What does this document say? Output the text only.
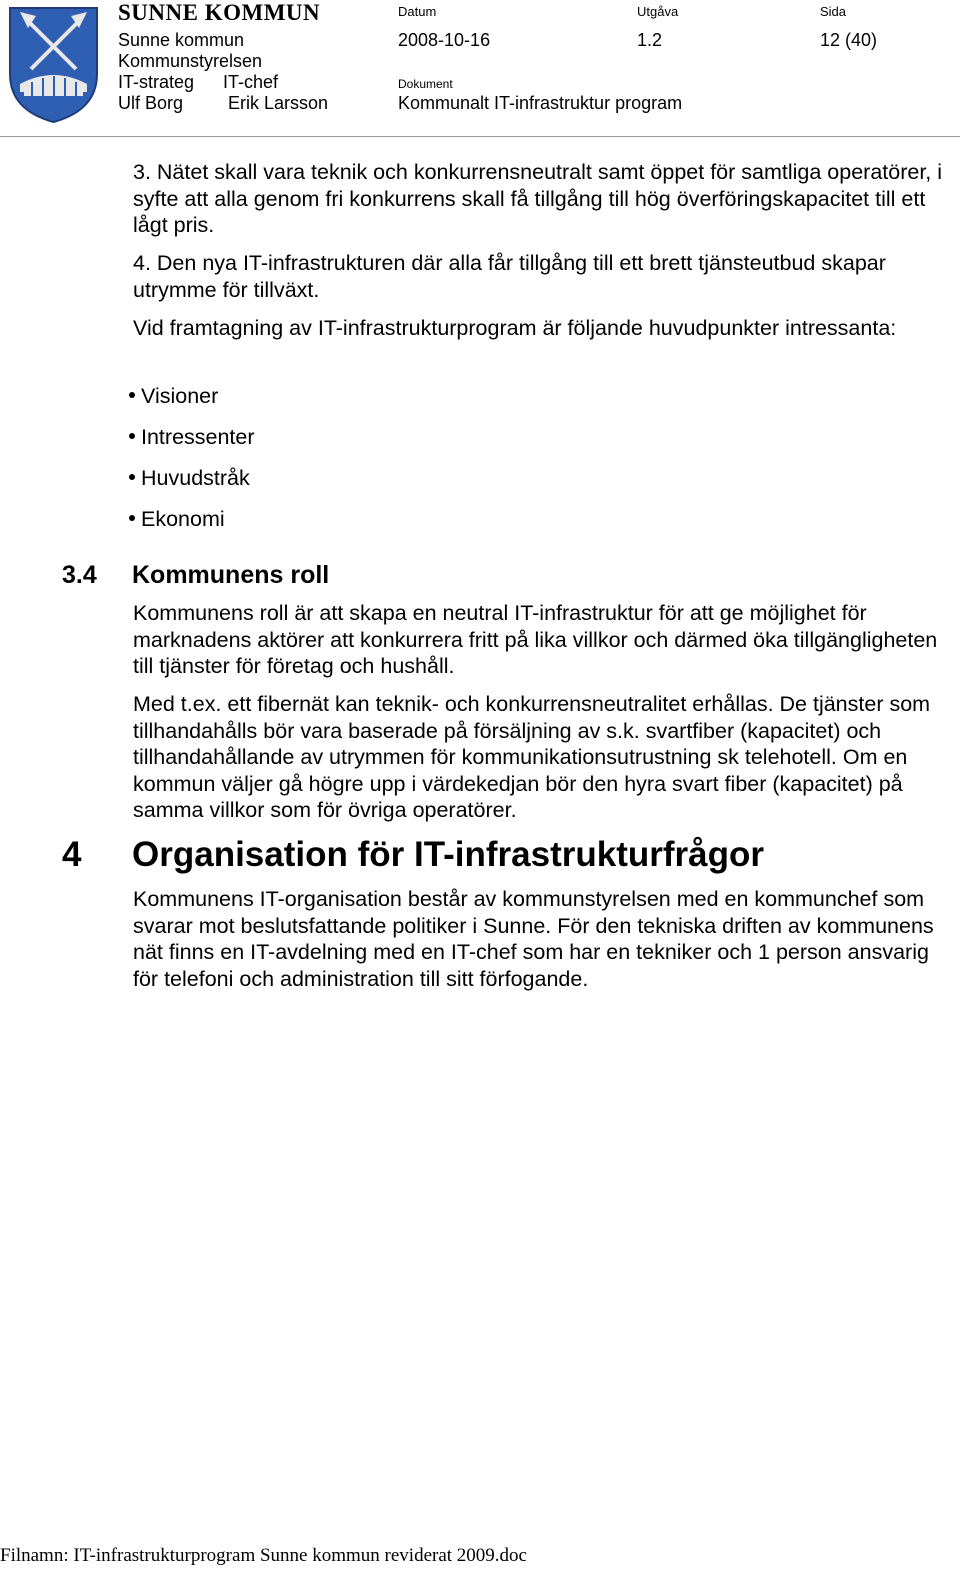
SUNNE KOMMUN
Sunne kommun
Kommunstyrelsen
IT-strateg IT-chef
Ulf Borg Erik Larsson
Datum
2008-10-16
Utgåva
1.2
Sida
12 (40)
Dokument
Kommunalt IT-infrastruktur program
3. Nätet skall vara teknik och konkurrensneutralt samt öppet för samtliga operatörer, i syfte att alla genom fri konkurrens skall få tillgång till hög överföringskapacitet till ett lågt pris.
4. Den nya IT-infrastrukturen där alla får tillgång till ett brett tjänsteutbud skapar utrymme för tillväxt.
Vid framtagning av IT-infrastrukturprogram är följande huvudpunkter intressanta:
Visioner
Intressenter
Huvudstråk
Ekonomi
3.4 Kommunens roll
Kommunens roll är att skapa en neutral IT-infrastruktur för att ge möjlighet för marknadens aktörer att konkurrera fritt på lika villkor och därmed öka tillgängligheten till tjänster för företag och hushåll.
Med t.ex. ett fibernät kan teknik- och konkurrensneutralitet erhållas. De tjänster som tillhandahålls bör vara baserade på försäljning av s.k. svartfiber (kapacitet) och tillhandahållande av utrymmen för kommunikationsutrustning sk telehotell. Om en kommun väljer gå högre upp i värdekedjan bör den hyra svart fiber (kapacitet) på samma villkor som för övriga operatörer.
4 Organisation för IT-infrastrukturfrågor
Kommunens IT-organisation består av kommunstyrelsen med en kommunchef som svarar mot beslutsfattande politiker i Sunne. För den tekniska driften av kommunens nät finns en IT-avdelning med en IT-chef som har en tekniker och 1 person ansvarig för telefoni och administration till sitt förfogande.
Filnamn: IT-infrastrukturprogram Sunne kommun reviderat 2009.doc
